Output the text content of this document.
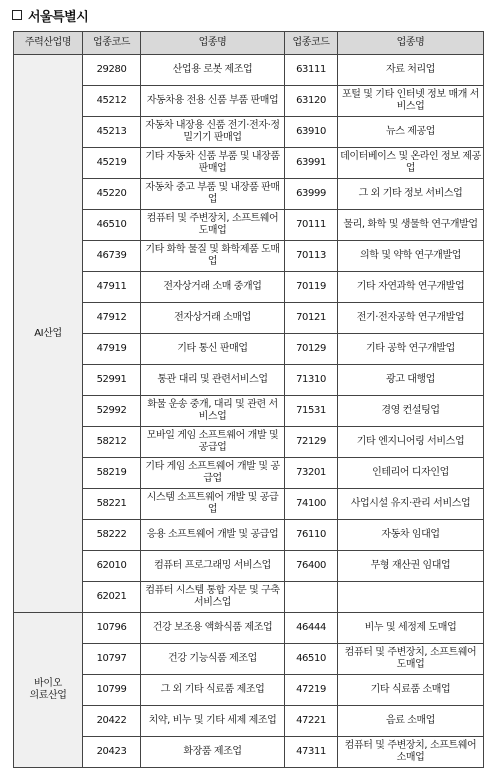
서울특별시
주력산업명	업종코드	업종명	업종코드	업종명
AI산업	29280	산업용 로봇 제조업	63111	자료 처리업
	45212	자동차용 전용 신품 부품 판매업	63120	포털 및 기타 인터넷 정보 매개 서비스업
	45213	자동차 내장용 신품 전기·전자·정밀기기 판매업	63910	뉴스 제공업
	45219	기타 자동차 신품 부품 및 내장품 판매업	63991	데이터베이스 및 온라인 정보 제공업
	45220	자동차 중고 부품 및 내장품 판매업	63999	그 외 기타 정보 서비스업
	46510	컴퓨터 및 주변장치, 소프트웨어 도매업	70111	물리, 화학 및 생물학 연구개발업
	46739	기타 화학 물질 및 화학제품 도매업	70113	의학 및 약학 연구개발업
	47911	전자상거래 소매 중개업	70119	기타 자연과학 연구개발업
	47912	전자상거래 소매업	70121	전기·전자공학 연구개발업
	47919	기타 통신 판매업	70129	기타 공학 연구개발업
	52991	통관 대리 및 관련서비스업	71310	광고 대행업
	52992	화물 운송 중개, 대리 및 관련 서비스업	71531	경영 컨설팅업
	58212	모바일 게임 소프트웨어 개발 및 공급업	72129	기타 엔지니어링 서비스업
	58219	기타 게임 소프트웨어 개발 및 공급업	73201	인테리어 디자인업
	58221	시스템 소프트웨어 개발 및 공급업	74100	사업시설 유지·관리 서비스업
	58222	응용 소프트웨어 개발 및 공급업	76110	자동차 임대업
	62010	컴퓨터 프로그래밍 서비스업	76400	무형 재산권 임대업
	62021	컴퓨터 시스템 통합 자문 및 구축 서비스업		
바이오
의료산업	10796	건강 보조용 액화식품 제조업	46444	비누 및 세정제 도매업
	10797	건강 기능식품 제조업	46510	컴퓨터 및 주변장치, 소프트웨어 도매업
	10799	그 외 기타 식료품 제조업	47219	기타 식료품 소매업
	20422	치약, 비누 및 기타 세제 제조업	47221	음료 소매업
	20423	화장품 제조업	47311	컴퓨터 및 주변장치, 소프트웨어 소매업
